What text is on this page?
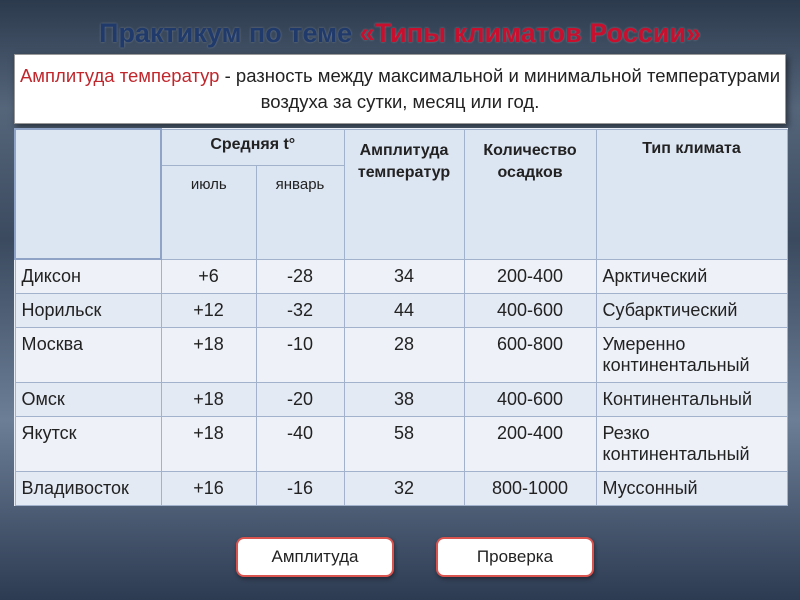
Практикум по теме «Типы климатов России»
Амплитуда температур - разность между максимальной и минимальной температурами воздуха за сутки, месяц или год.
	Средняя t°		Амплитуда температур	Количество осадков	Тип климата
	июль	январь			
Диксон	+6	-28	34	200-400	Арктический
Норильск	+12	-32	44	400-600	Субарктический
Москва	+18	-10	28	600-800	Умеренно континентальный
Омск	+18	-20	38	400-600	Континентальный
Якутск	+18	-40	58	200-400	Резко континентальный
Владивосток	+16	-16	32	800-1000	Муссонный
Амплитуда	Проверка
